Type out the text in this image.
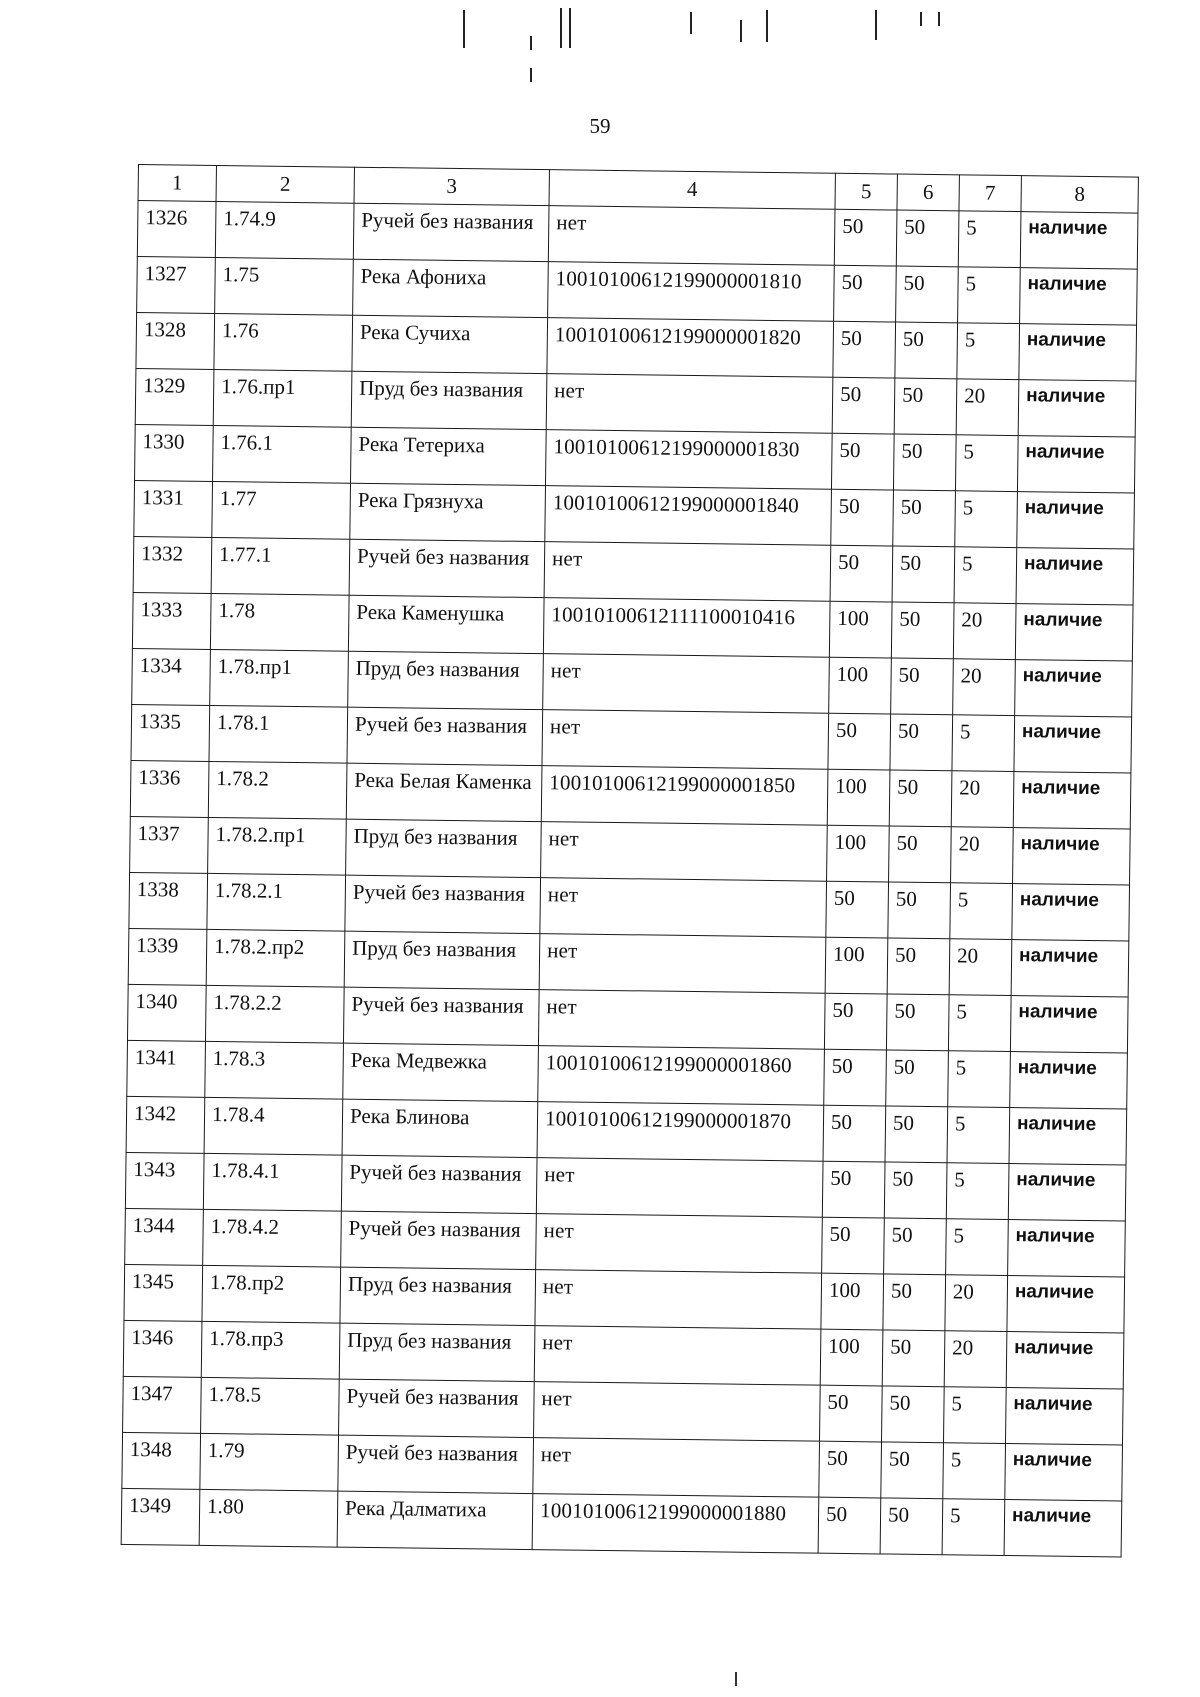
59
1	2	3	4	5	6	7	8
1326	1.74.9	Ручей без названия	нет	50	50	5	наличие
1327	1.75	Река Афониха	10010100612199000001810	50	50	5	наличие
1328	1.76	Река Сучиха	10010100612199000001820	50	50	5	наличие
1329	1.76.пр1	Пруд без названия	нет	50	50	20	наличие
1330	1.76.1	Река Тетериха	10010100612199000001830	50	50	5	наличие
1331	1.77	Река Грязнуха	10010100612199000001840	50	50	5	наличие
1332	1.77.1	Ручей без названия	нет	50	50	5	наличие
1333	1.78	Река Каменушка	10010100612111100010416	100	50	20	наличие
1334	1.78.пр1	Пруд без названия	нет	100	50	20	наличие
1335	1.78.1	Ручей без названия	нет	50	50	5	наличие
1336	1.78.2	Река Белая Каменка	10010100612199000001850	100	50	20	наличие
1337	1.78.2.пр1	Пруд без названия	нет	100	50	20	наличие
1338	1.78.2.1	Ручей без названия	нет	50	50	5	наличие
1339	1.78.2.пр2	Пруд без названия	нет	100	50	20	наличие
1340	1.78.2.2	Ручей без названия	нет	50	50	5	наличие
1341	1.78.3	Река Медвежка	10010100612199000001860	50	50	5	наличие
1342	1.78.4	Река Блинова	10010100612199000001870	50	50	5	наличие
1343	1.78.4.1	Ручей без названия	нет	50	50	5	наличие
1344	1.78.4.2	Ручей без названия	нет	50	50	5	наличие
1345	1.78.пр2	Пруд без названия	нет	100	50	20	наличие
1346	1.78.пр3	Пруд без названия	нет	100	50	20	наличие
1347	1.78.5	Ручей без названия	нет	50	50	5	наличие
1348	1.79	Ручей без названия	нет	50	50	5	наличие
1349	1.80	Река Далматиха	10010100612199000001880	50	50	5	наличие
